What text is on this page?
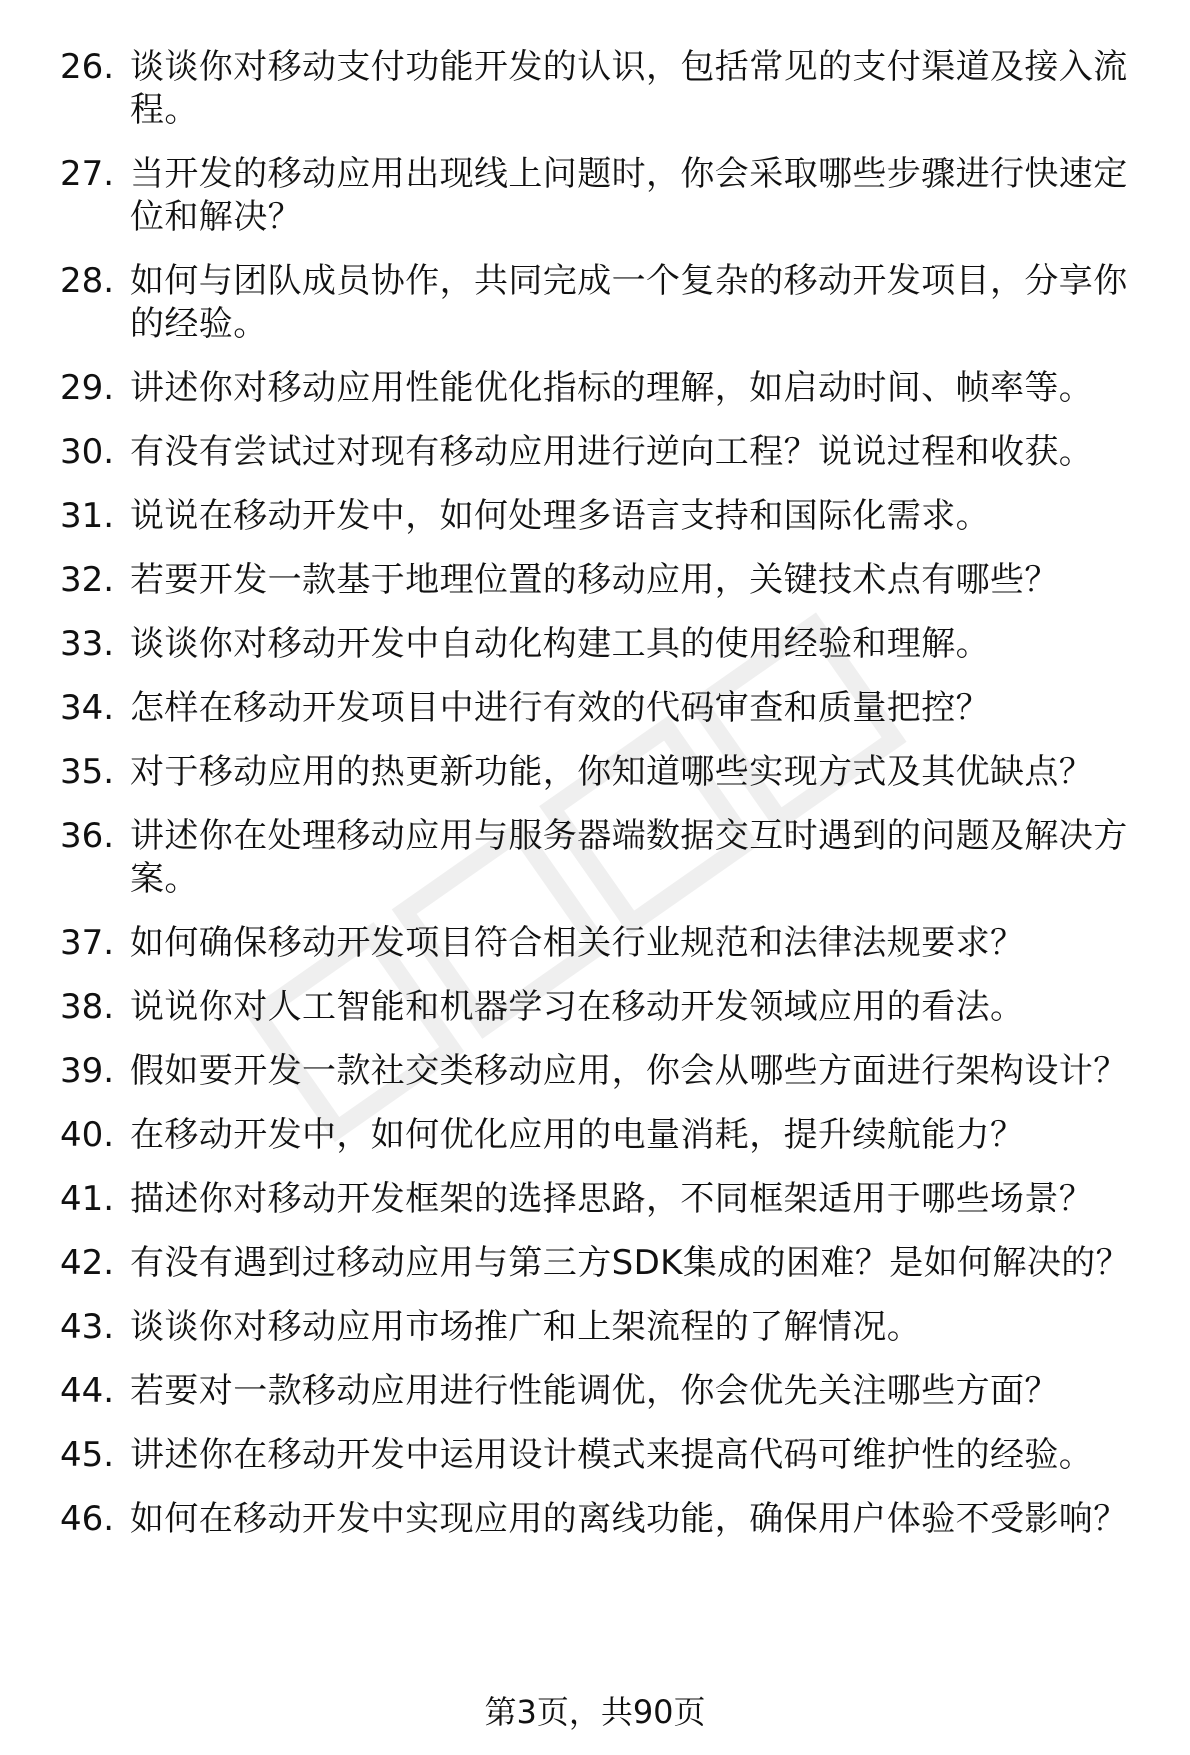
26. 谈谈你对移动支付功能开发的认识，包括常见的支付渠道及接入流程。
27. 当开发的移动应用出现线上问题时，你会采取哪些步骤进行快速定位和解决？
28. 如何与团队成员协作，共同完成一个复杂的移动开发项目，分享你的经验。
29. 讲述你对移动应用性能优化指标的理解，如启动时间、帧率等。
30. 有没有尝试过对现有移动应用进行逆向工程？说说过程和收获。
31. 说说在移动开发中，如何处理多语言支持和国际化需求。
32. 若要开发一款基于地理位置的移动应用，关键技术点有哪些？
33. 谈谈你对移动开发中自动化构建工具的使用经验和理解。
34. 怎样在移动开发项目中进行有效的代码审查和质量把控？
35. 对于移动应用的热更新功能，你知道哪些实现方式及其优缺点？
36. 讲述你在处理移动应用与服务器端数据交互时遇到的问题及解决方案。
37. 如何确保移动开发项目符合相关行业规范和法律法规要求？
38. 说说你对人工智能和机器学习在移动开发领域应用的看法。
39. 假如要开发一款社交类移动应用，你会从哪些方面进行架构设计？
40. 在移动开发中，如何优化应用的电量消耗，提升续航能力？
41. 描述你对移动开发框架的选择思路，不同框架适用于哪些场景？
42. 有没有遇到过移动应用与第三方SDK集成的困难？是如何解决的？
43. 谈谈你对移动应用市场推广和上架流程的了解情况。
44. 若要对一款移动应用进行性能调优，你会优先关注哪些方面？
45. 讲述你在移动开发中运用设计模式来提高代码可维护性的经验。
46. 如何在移动开发中实现应用的离线功能，确保用户体验不受影响？
第3页，共90页
